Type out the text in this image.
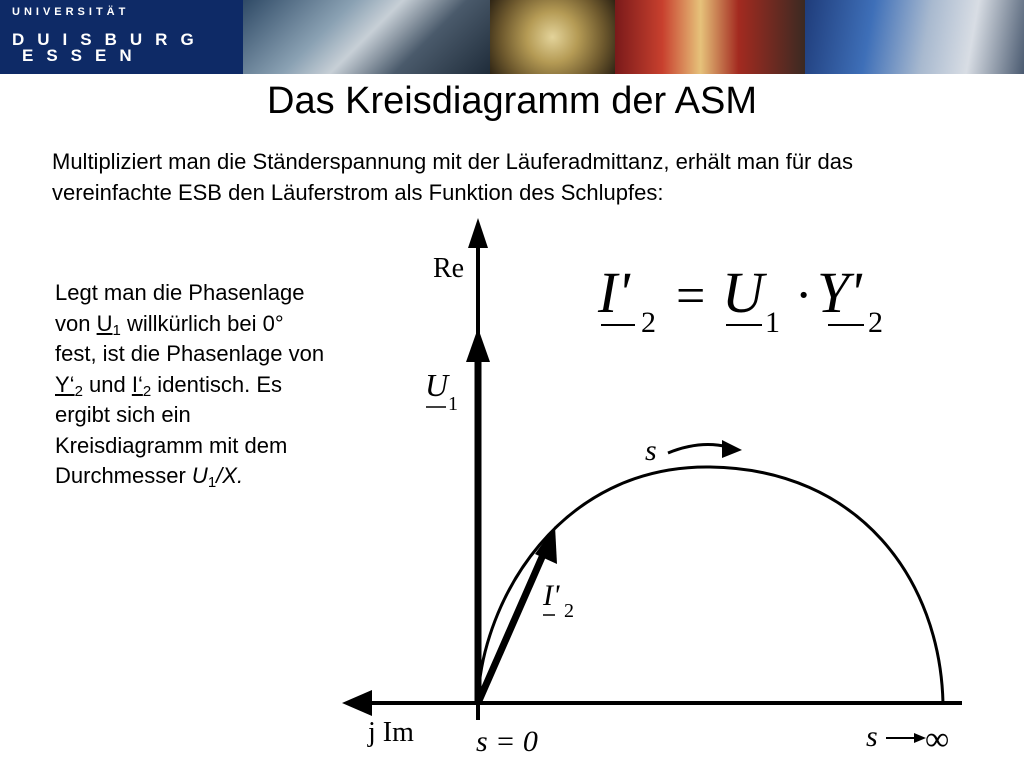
UNIVERSITÄT
DUISBURG
ESSEN
Das Kreisdiagramm der ASM
Multipliziert man die Ständerspannung mit der Läuferadmittanz, erhält man für das vereinfachte ESB den Läuferstrom als Funktion des Schlupfes:
Legt man die Phasenlage von $U_1$ willkürlich bei 0° fest, ist die Phasenlage von $Y‘_2$ und $I‘_2$ identisch. Es ergibt sich ein Kreisdiagramm mit dem Durchmesser $U_1/X$.
Re
j Im
U
1
s
I' 2
s = 0	s ∞
I' 2 = U 1 · Y' 2
